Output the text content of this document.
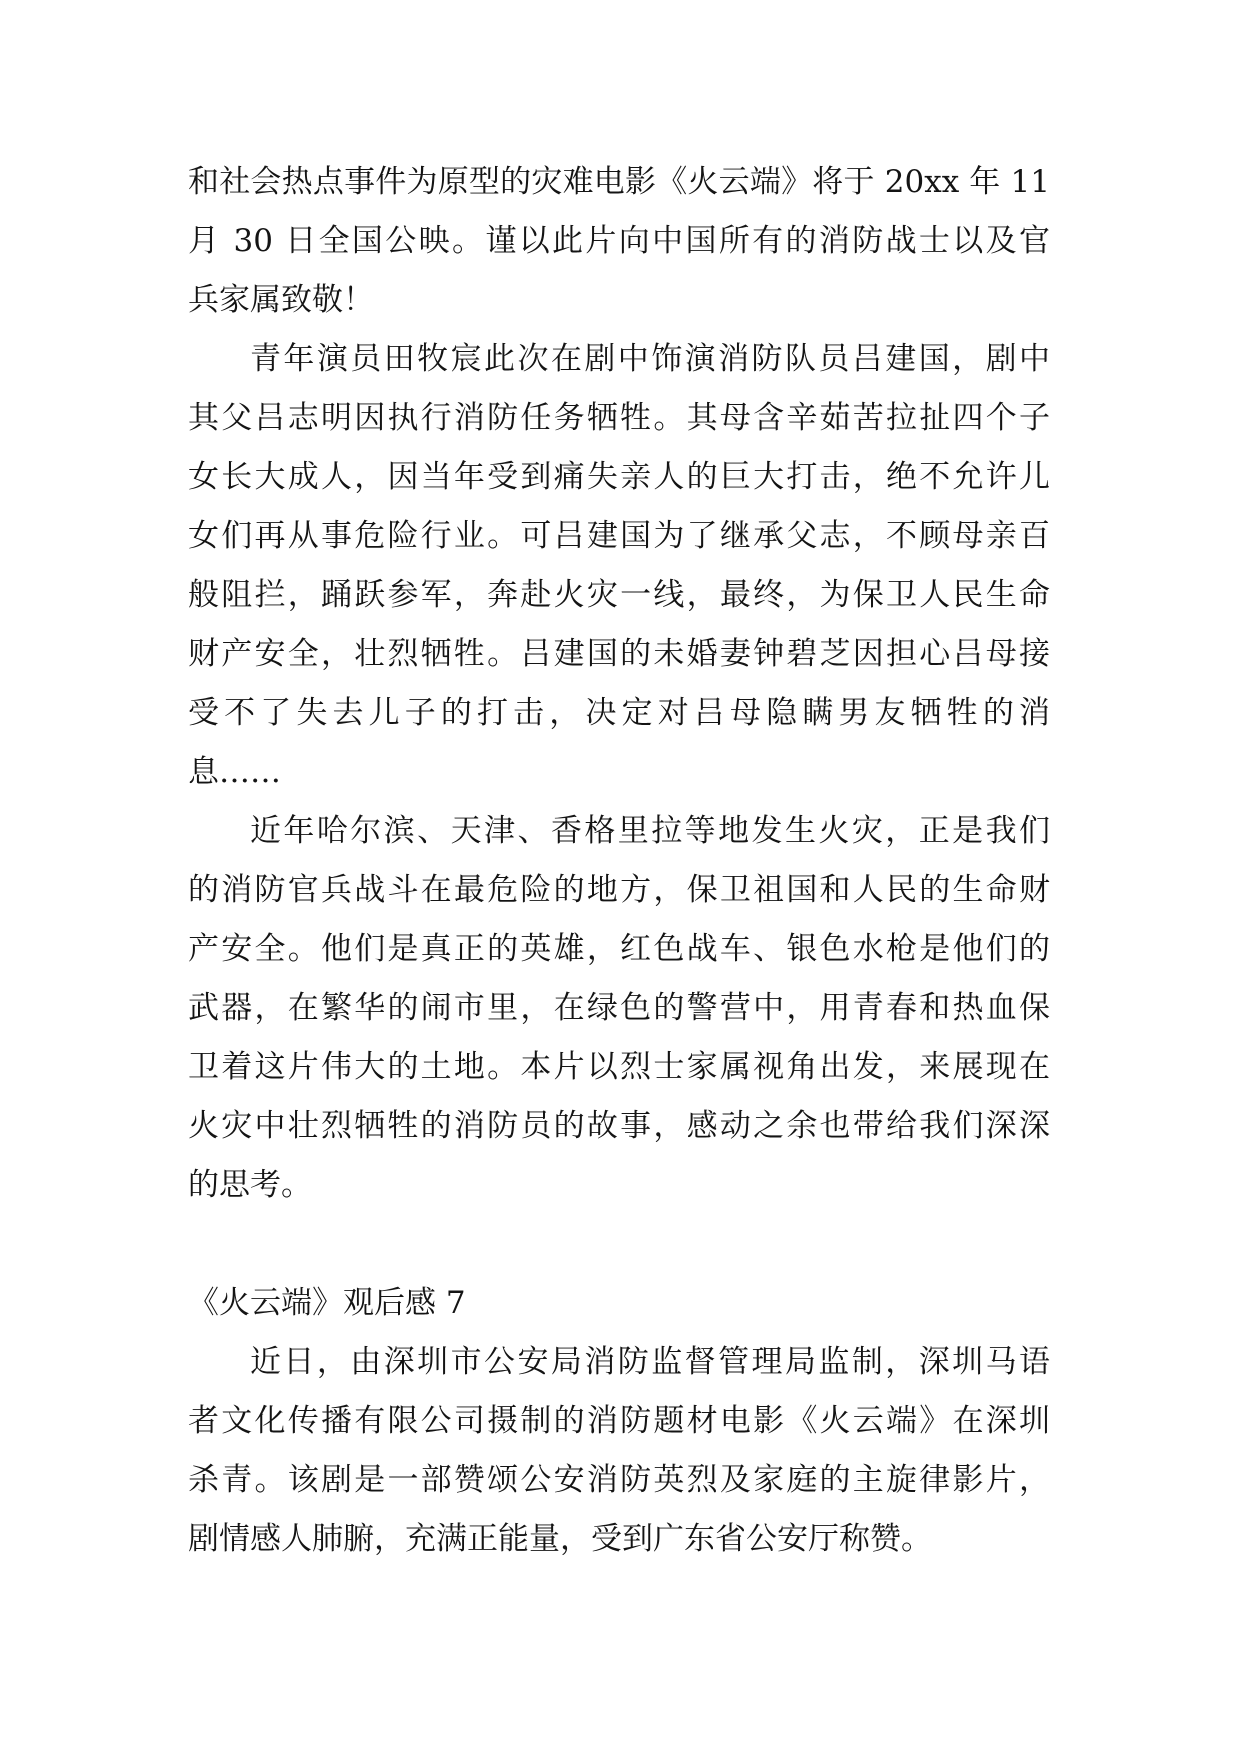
和社会热点事件为原型的灾难电影《火云端》将于 20xx 年 11
月 30 日全国公映。谨以此片向中国所有的消防战士以及官
兵家属致敬！
青年演员田牧宸此次在剧中饰演消防队员吕建国，剧中
其父吕志明因执行消防任务牺牲。其母含辛茹苦拉扯四个子
女长大成人，因当年受到痛失亲人的巨大打击，绝不允许儿
女们再从事危险行业。可吕建国为了继承父志，不顾母亲百
般阻拦，踊跃参军，奔赴火灾一线，最终，为保卫人民生命
财产安全，壮烈牺牲。吕建国的未婚妻钟碧芝因担心吕母接
受不了失去儿子的打击，决定对吕母隐瞒男友牺牲的消
息……
近年哈尔滨、天津、香格里拉等地发生火灾，正是我们
的消防官兵战斗在最危险的地方，保卫祖国和人民的生命财
产安全。他们是真正的英雄，红色战车、银色水枪是他们的
武器，在繁华的闹市里，在绿色的警营中，用青春和热血保
卫着这片伟大的土地。本片以烈士家属视角出发，来展现在
火灾中壮烈牺牲的消防员的故事，感动之余也带给我们深深
的思考。
《火云端》观后感 7
近日，由深圳市公安局消防监督管理局监制，深圳马语
者文化传播有限公司摄制的消防题材电影《火云端》在深圳
杀青。该剧是一部赞颂公安消防英烈及家庭的主旋律影片，
剧情感人肺腑，充满正能量，受到广东省公安厅称赞。
